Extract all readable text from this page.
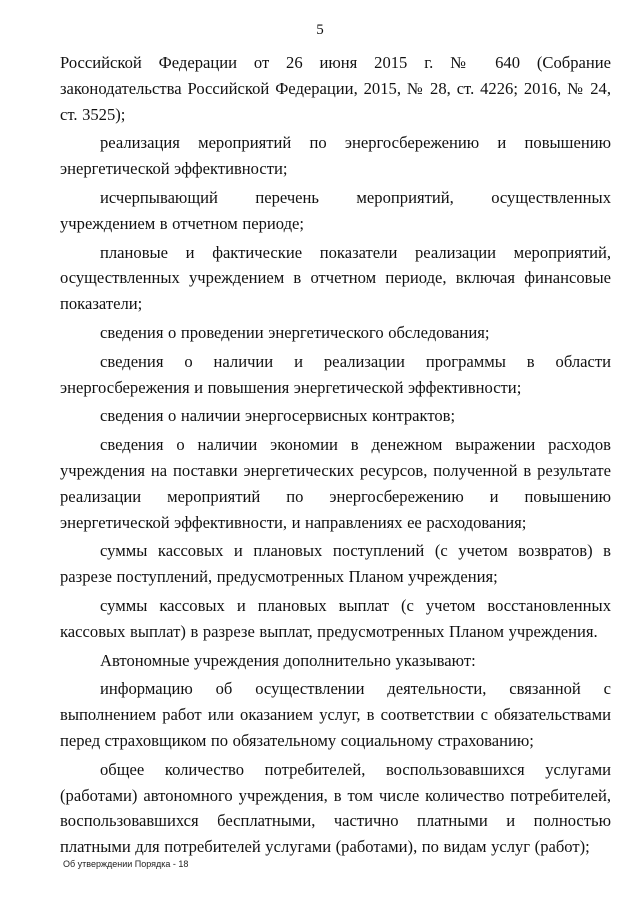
5

Российской Федерации от 26 июня 2015 г. № 640 (Собрание законодательства Российской Федерации, 2015, № 28, ст. 4226; 2016, № 24, ст. 3525);

реализация мероприятий по энергосбережению и повышению энергетической эффективности;

исчерпывающий перечень мероприятий, осуществленных учреждением в отчетном периоде;

плановые и фактические показатели реализации мероприятий, осуществленных учреждением в отчетном периоде, включая финансовые показатели;

сведения о проведении энергетического обследования;

сведения о наличии и реализации программы в области энергосбережения и повышения энергетической эффективности;

сведения о наличии энергосервисных контрактов;

сведения о наличии экономии в денежном выражении расходов учреждения на поставки энергетических ресурсов, полученной в результате реализации мероприятий по энергосбережению и повышению энергетической эффективности, и направлениях ее расходования;

суммы кассовых и плановых поступлений (с учетом возвратов) в разрезе поступлений, предусмотренных Планом учреждения;

суммы кассовых и плановых выплат (с учетом восстановленных кассовых выплат) в разрезе выплат, предусмотренных Планом учреждения.

Автономные учреждения дополнительно указывают:

информацию об осуществлении деятельности, связанной с выполнением работ или оказанием услуг, в соответствии с обязательствами перед страховщиком по обязательному социальному страхованию;

общее количество потребителей, воспользовавшихся услугами (работами) автономного учреждения, в том числе количество потребителей, воспользовавшихся бесплатными, частично платными и полностью платными для потребителей услугами (работами), по видам услуг (работ);

Об утверждении Порядка - 18
